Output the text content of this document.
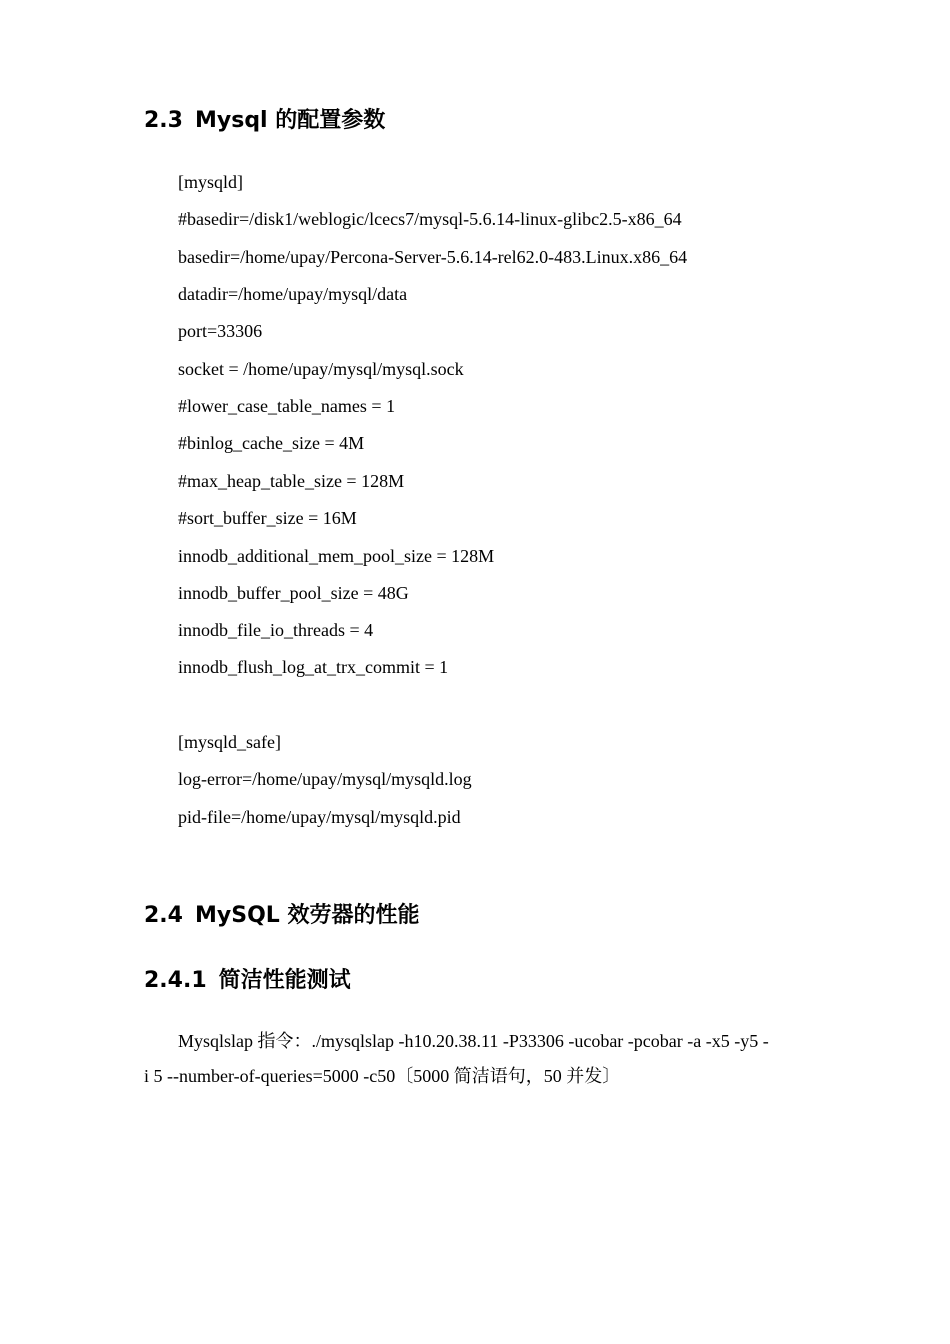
2.3 Mysql 的配置参数
[mysqld]
#basedir=/disk1/weblogic/lcecs7/mysql-5.6.14-linux-glibc2.5-x86_64
basedir=/home/upay/Percona-Server-5.6.14-rel62.0-483.Linux.x86_64
datadir=/home/upay/mysql/data
port=33306
socket = /home/upay/mysql/mysql.sock
#lower_case_table_names = 1
#binlog_cache_size = 4M
#max_heap_table_size = 128M
#sort_buffer_size = 16M
innodb_additional_mem_pool_size = 128M
innodb_buffer_pool_size = 48G
innodb_file_io_threads = 4
innodb_flush_log_at_trx_commit = 1
[mysqld_safe]
log-error=/home/upay/mysql/mysqld.log
pid-file=/home/upay/mysql/mysqld.pid
2.4 MySQL 效劳器的性能
2.4.1 简洁性能测试
Mysqlslap 指令：./mysqlslap -h10.20.38.11 -P33306 -ucobar -pcobar -a -x5 -y5 -
i 5 --number-of-queries=5000 -c50〔5000 简洁语句，50 并发〕
